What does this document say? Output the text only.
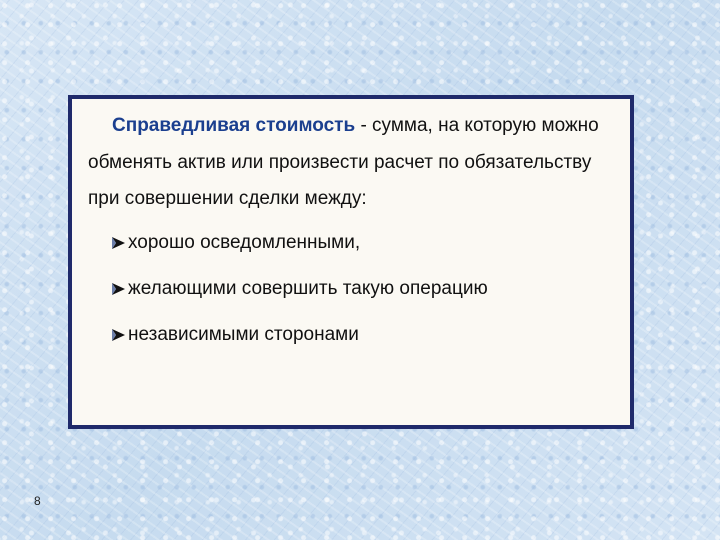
Справедливая стоимость - сумма, на которую можно обменять актив или произвести расчет по обязательству при совершении сделки между:

хорошо осведомленными,
желающими совершить такую операцию
независимыми сторонами
8
